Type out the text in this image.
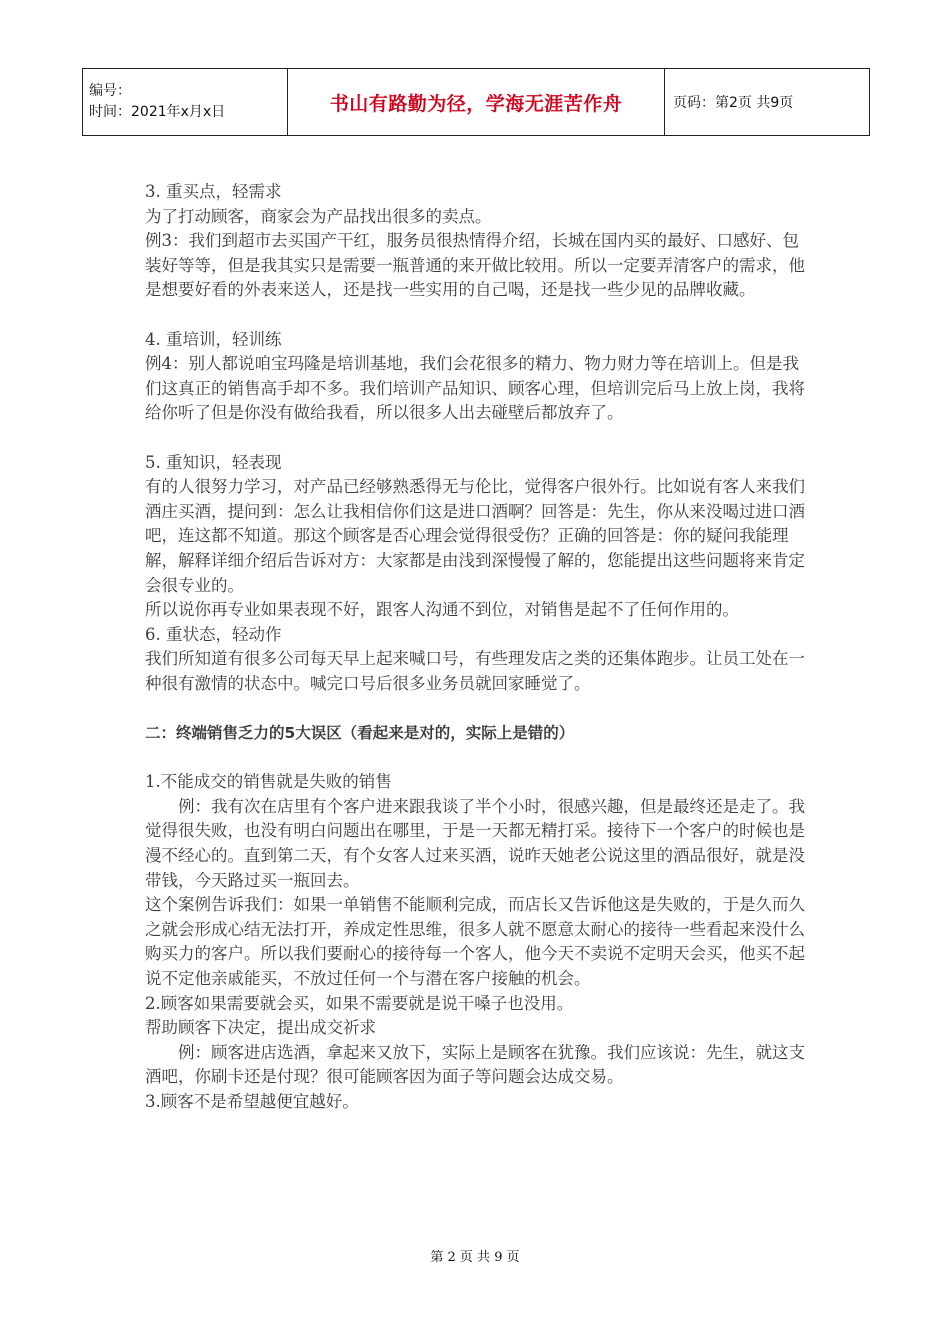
编号：
时间：2021年x月x日	书山有路勤为径，学海无涯苦作舟	页码：第2页 共9页

3. 重买点，轻需求

为了打动顾客，商家会为产品找出很多的卖点。

例3：我们到超市去买国产干红，服务员很热情得介绍，长城在国内买的最好、口感好、包装好等等，但是我其实只是需要一瓶普通的来开做比较用。所以一定要弄清客户的需求，他是想要好看的外表来送人，还是找一些实用的自己喝，还是找一些少见的品牌收藏。

4. 重培训，轻训练

例4：别人都说咱宝玛隆是培训基地，我们会花很多的精力、物力财力等在培训上。但是我们这真正的销售高手却不多。我们培训产品知识、顾客心理，但培训完后马上放上岗，我将给你听了但是你没有做给我看，所以很多人出去碰壁后都放弃了。

5. 重知识，轻表现

有的人很努力学习，对产品已经够熟悉得无与伦比，觉得客户很外行。比如说有客人来我们酒庄买酒，提问到：怎么让我相信你们这是进口酒啊？回答是：先生，你从来没喝过进口酒吧，连这都不知道。那这个顾客是否心理会觉得很受伤？正确的回答是：你的疑问我能理解，解释详细介绍后告诉对方：大家都是由浅到深慢慢了解的，您能提出这些问题将来肯定会很专业的。

所以说你再专业如果表现不好，跟客人沟通不到位，对销售是起不了任何作用的。

6. 重状态，轻动作

我们所知道有很多公司每天早上起来喊口号，有些理发店之类的还集体跑步。让员工处在一种很有激情的状态中。喊完口号后很多业务员就回家睡觉了。

二：终端销售乏力的5大误区（看起来是对的，实际上是错的）

1.不能成交的销售就是失败的销售

例：我有次在店里有个客户进来跟我谈了半个小时，很感兴趣，但是最终还是走了。我觉得很失败，也没有明白问题出在哪里，于是一天都无精打采。接待下一个客户的时候也是漫不经心的。直到第二天，有个女客人过来买酒，说昨天她老公说这里的酒品很好，就是没带钱，今天路过买一瓶回去。

这个案例告诉我们：如果一单销售不能顺利完成，而店长又告诉他这是失败的，于是久而久之就会形成心结无法打开，养成定性思维，很多人就不愿意太耐心的接待一些看起来没什么购买力的客户。所以我们要耐心的接待每一个客人，他今天不卖说不定明天会买，他买不起说不定他亲戚能买，不放过任何一个与潜在客户接触的机会。

2.顾客如果需要就会买，如果不需要就是说干嗓子也没用。

帮助顾客下决定，提出成交祈求

例：顾客进店选酒，拿起来又放下，实际上是顾客在犹豫。我们应该说：先生，就这支酒吧，你刷卡还是付现？很可能顾客因为面子等问题会达成交易。

3.顾客不是希望越便宜越好。

第 2 页 共 9 页
